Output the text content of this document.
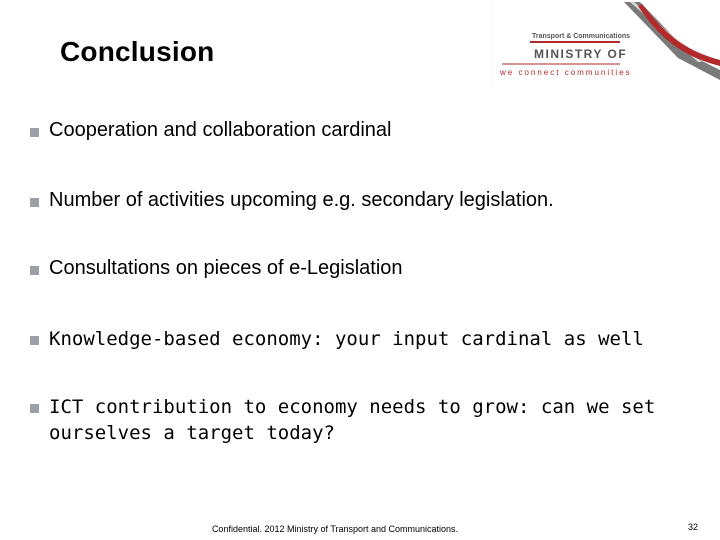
Conclusion	Transport & Communications
MINISTRY OF
we connect communities
Cooperation and collaboration cardinal
Number of activities upcoming e.g. secondary legislation.
Consultations on pieces of e-Legislation
Knowledge-based economy: your input cardinal as well
ICT contribution to economy needs to grow: can we set ourselves a target today?
Confidential. 2012 Ministry of Transport and Communications.	32
